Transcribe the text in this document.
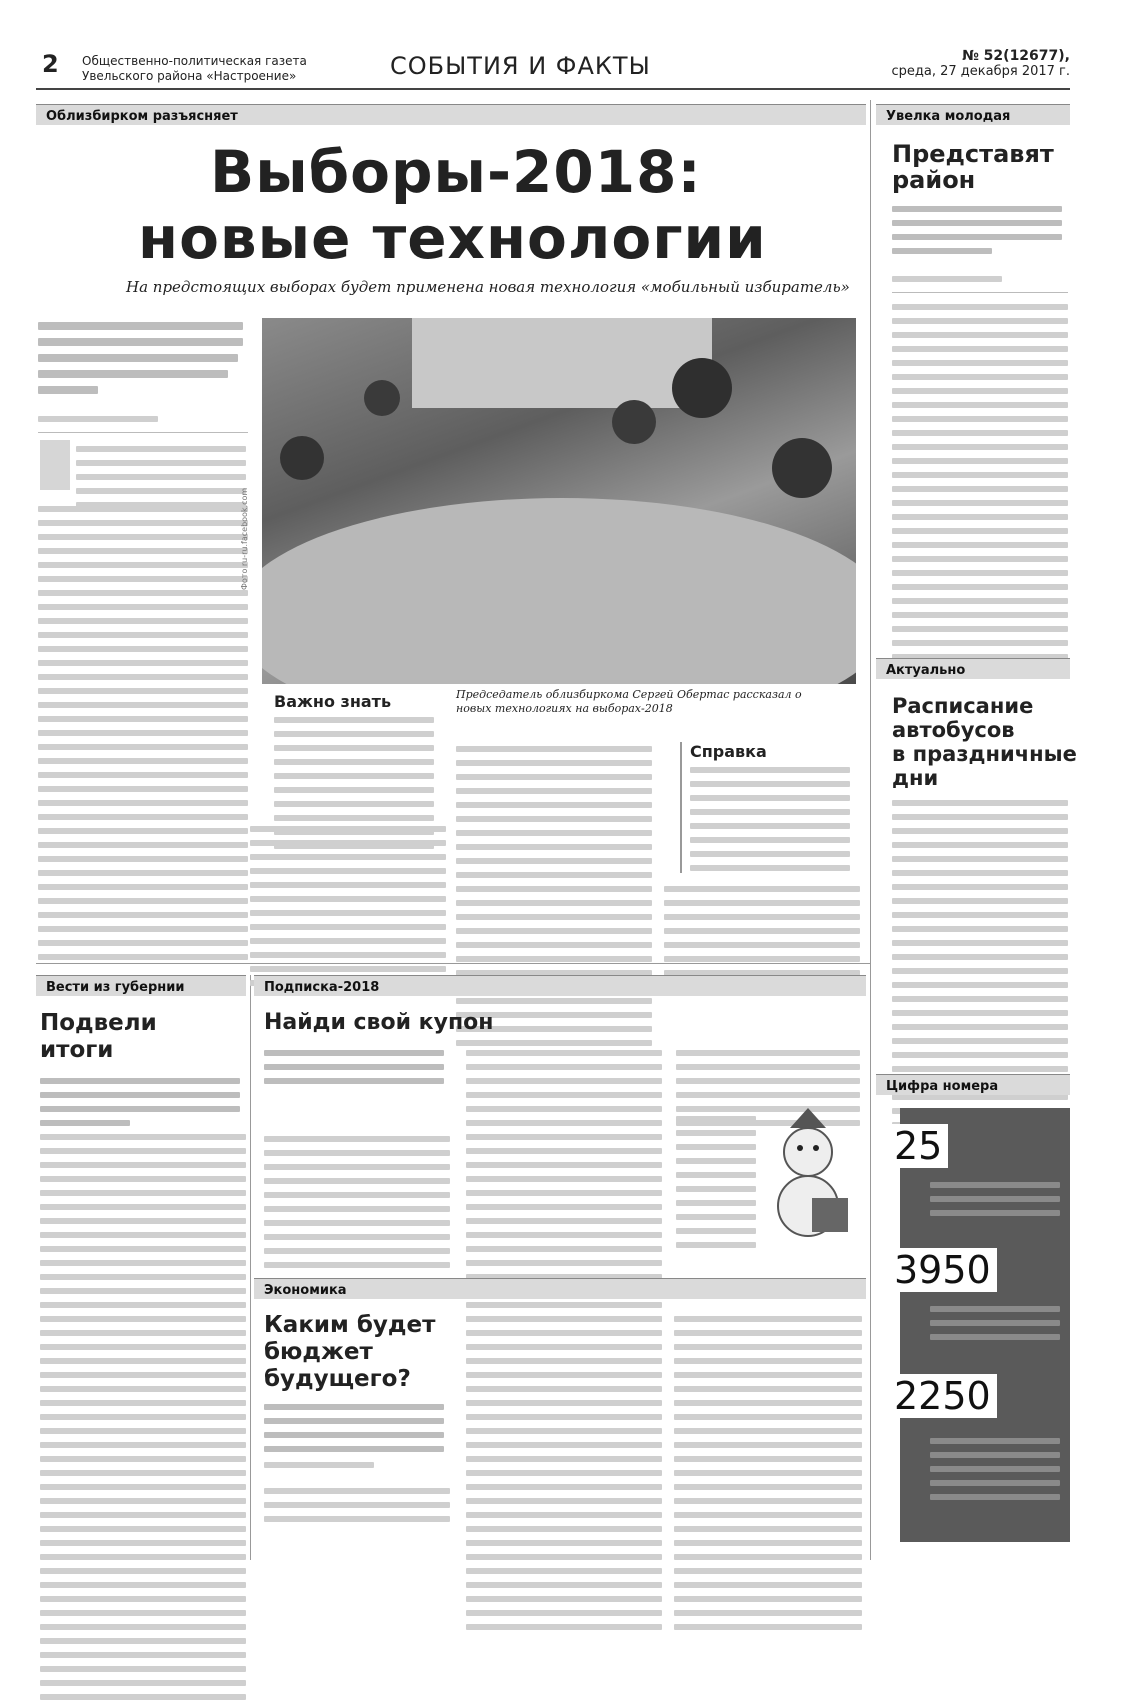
2 Общественно-политическая газета
Увельского района «Настроение»	СОБЫТИЯ И ФАКТЫ	№ 52(12677),
среда, 27 декабря 2017 г.
Облизбирком разъясняет
Выборы-2018:
новые технологии
На предстоящих выборах будет применена новая технология «мобильный избиратель»
Фото ru-ru.facebook.com
Председатель облизбиркома Сергей Обертас рассказал о новых технологиях на выборах-2018
Важно знать
Справка
Увелка молодая
Представят
район
Актуально
Расписание
автобусов
в праздничные
дни
Цифра номера
25
3950
2250
Вести из губернии
Подвели
итоги
Подписка-2018
Найди свой купон
Экономика
Каким будет
бюджет
будущего?
